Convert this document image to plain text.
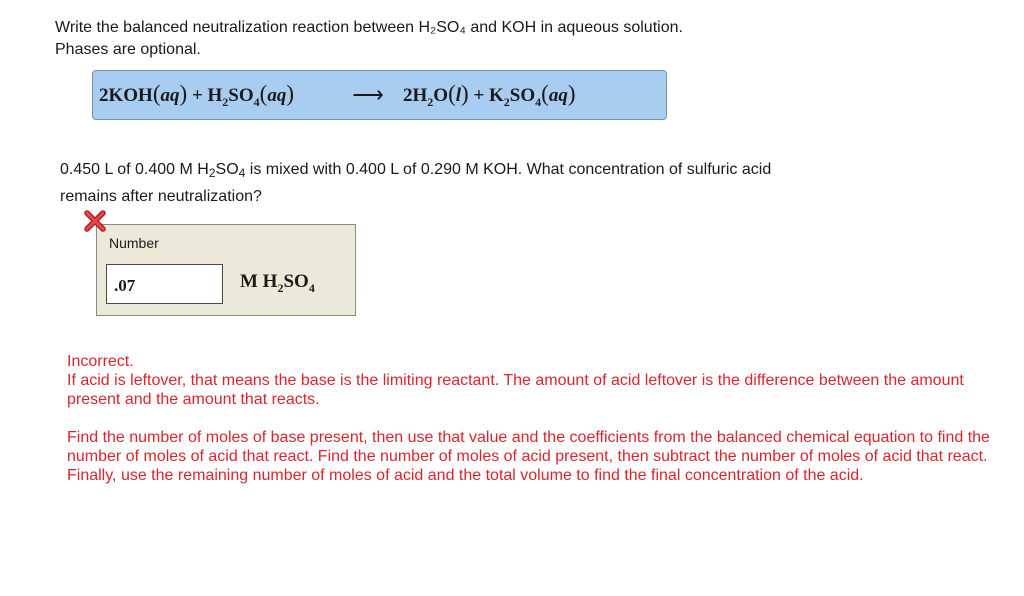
Write the balanced neutralization reaction between H₂SO₄ and KOH in aqueous solution.
Phases are optional.
$2KOH(aq) + H_2SO_4(aq)$	⟶	$2H_2O(l) + K_2SO_4(aq)$
0.450 L of 0.400 M H2SO4 is mixed with 0.400 L of 0.290 M KOH. What concentration of sulfuric acid
remains after neutralization?
Number
.07	M $H_2SO_4$

Incorrect.

If acid is leftover, that means the base is the limiting reactant. The amount of acid leftover is the difference between the amount present and the amount that reacts.

Find the number of moles of base present, then use that value and the coefficients from the balanced chemical equation to find the number of moles of acid that react. Find the number of moles of acid present, then subtract the number of moles of acid that react. Finally, use the remaining number of moles of acid and the total volume to find the final concentration of the acid.
